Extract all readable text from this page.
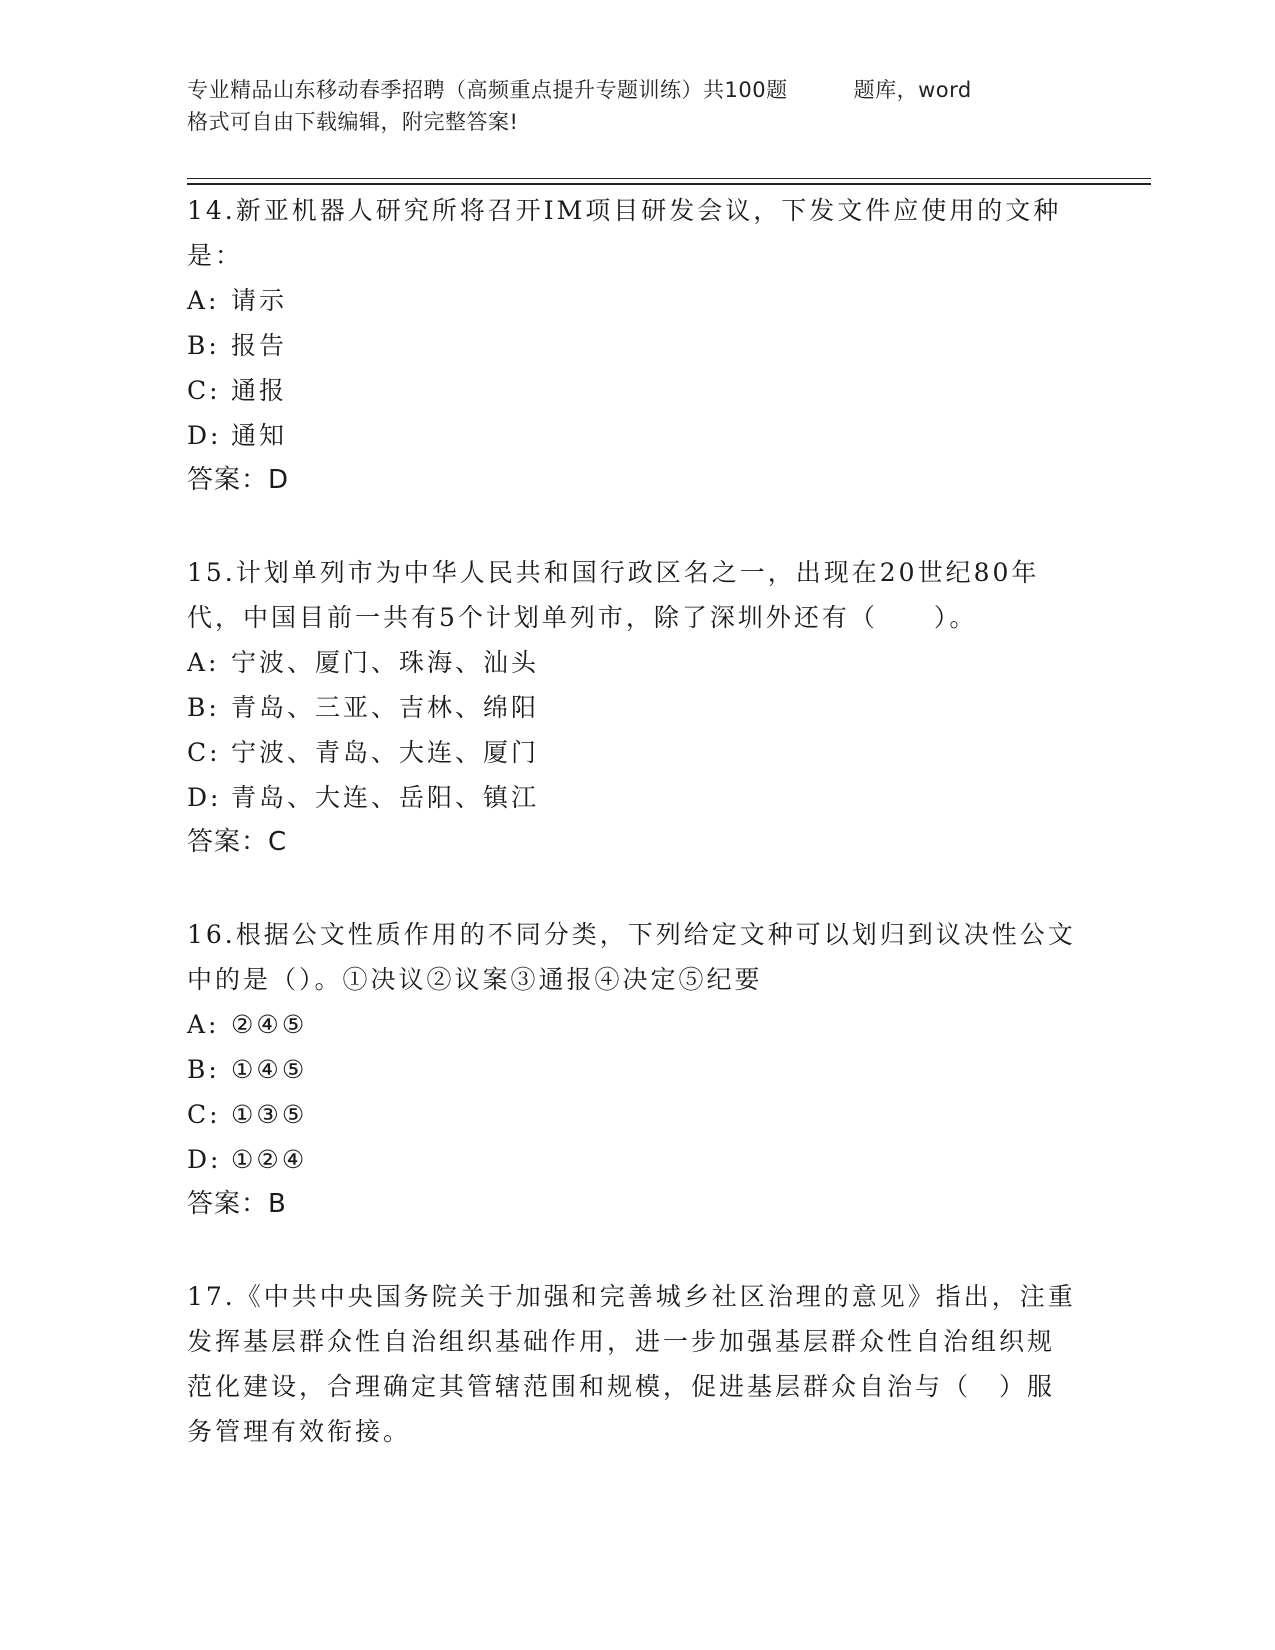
专业精品山东移动春季招聘（高频重点提升专题训练）共100题	题库，word
格式可自由下载编辑，附完整答案!

14.新亚机器人研究所将召开IM项目研发会议，下发文件应使用的文种是：

A: 请示
B: 报告
C: 通报
D: 通知
答案：D

15.计划单列市为中华人民共和国行政区名之一，出现在20世纪80年代，中国目前一共有5个计划单列市，除了深圳外还有（　　）。

A: 宁波、厦门、珠海、汕头
B: 青岛、三亚、吉林、绵阳
C: 宁波、青岛、大连、厦门
D: 青岛、大连、岳阳、镇江
答案：C

16.根据公文性质作用的不同分类，下列给定文种可以划归到议决性公文中的是（）。①决议②议案③通报④决定⑤纪要

A: ②④⑤
B: ①④⑤
C: ①③⑤
D: ①②④
答案：B

17.《中共中央国务院关于加强和完善城乡社区治理的意见》指出，注重发挥基层群众性自治组织基础作用，进一步加强基层群众性自治组织规范化建设，合理确定其管辖范围和规模，促进基层群众自治与（　）服务管理有效衔接。
